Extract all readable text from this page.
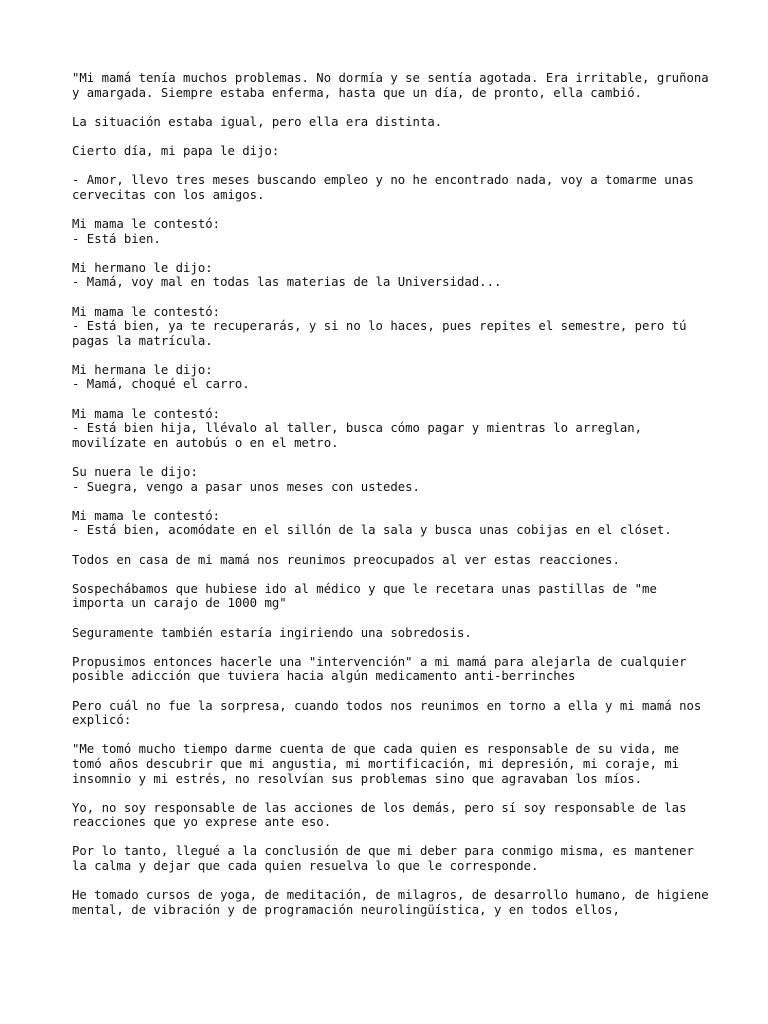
"Mi mamá tenía muchos problemas. No dormía y se sentía agotada. Era irritable, gruñona y amargada. Siempre estaba enferma, hasta que un día, de pronto, ella cambió.

La situación estaba igual, pero ella era distinta.

Cierto día, mi papa le dijo:

- Amor, llevo tres meses buscando empleo y no he encontrado nada, voy a tomarme unas cervecitas con los amigos.

Mi mama le contestó:
- Está bien.

Mi hermano le dijo:
- Mamá, voy mal en todas las materias de la Universidad...

Mi mama le contestó:
- Está bien, ya te recuperarás, y si no lo haces, pues repites el semestre, pero tú pagas la matrícula.

Mi hermana le dijo:
- Mamá, choqué el carro.

Mi mama le contestó:
- Está bien hija, llévalo al taller, busca cómo pagar y mientras lo arreglan, movilízate en autobús o en el metro.

Su nuera le dijo:
- Suegra, vengo a pasar unos meses con ustedes.

Mi mama le contestó:
- Está bien, acomódate en el sillón de la sala y busca unas cobijas en el clóset.

Todos en casa de mi mamá nos reunimos preocupados al ver estas reacciones.

Sospechábamos que hubiese ido al médico y que le recetara unas pastillas de "me importa un carajo de 1000 mg"

Seguramente también estaría ingiriendo una sobredosis.

Propusimos entonces hacerle una "intervención" a mi mamá para alejarla de cualquier posible adicción que tuviera hacia algún medicamento anti-berrinches

Pero cuál no fue la sorpresa, cuando todos nos reunimos en torno a ella y mi mamá nos explicó:

"Me tomó mucho tiempo darme cuenta de que cada quien es responsable de su vida, me tomó años descubrir que mi angustia, mi mortificación, mi depresión, mi coraje, mi insomnio y mi estrés, no resolvían sus problemas sino que agravaban los míos.

Yo, no soy responsable de las acciones de los demás, pero sí soy responsable de las reacciones que yo exprese ante eso.

Por lo tanto, llegué a la conclusión de que mi deber para conmigo misma, es mantener la calma y dejar que cada quien resuelva lo que le corresponde.

He tomado cursos de yoga, de meditación, de milagros, de desarrollo humano, de higiene mental, de vibración y de programación neurolingüística, y en todos ellos,
